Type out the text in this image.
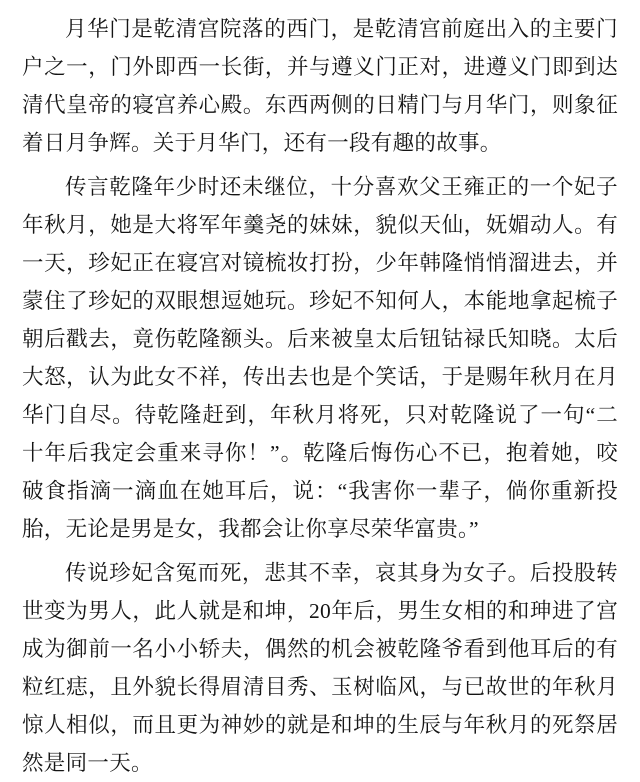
月华门是乾清宫院落的西门，是乾清宫前庭出入的主要门户之一，门外即西一长街，并与遵义门正对，进遵义门即到达清代皇帝的寝宫养心殿。东西两侧的日精门与月华门，则象征着日月争辉。关于月华门，还有一段有趣的故事。

传言乾隆年少时还未继位，十分喜欢父王雍正的一个妃子年秋月，她是大将军年羹尧的妹妹，貌似天仙，妩媚动人。有一天，珍妃正在寝宫对镜梳妆打扮，少年韩隆悄悄溜进去，并蒙住了珍妃的双眼想逗她玩。珍妃不知何人，本能地拿起梳子朝后戳去，竟伤乾隆额头。后来被皇太后钮钴禄氏知晓。太后大怒，认为此女不祥，传出去也是个笑话，于是赐年秋月在月华门自尽。待乾隆赶到，年秋月将死，只对乾隆说了一句“二十年后我定会重来寻你！”。乾隆后悔伤心不已，抱着她，咬破食指滴一滴血在她耳后，说：“我害你一辈子，倘你重新投胎，无论是男是女，我都会让你享尽荣华富贵。”

传说珍妃含冤而死，悲其不幸，哀其身为女子。后投股转世变为男人，此人就是和坤，20年后，男生女相的和珅进了宫成为御前一名小小轿夫，偶然的机会被乾隆爷看到他耳后的有粒红痣，且外貌长得眉清目秀、玉树临风，与已故世的年秋月惊人相似，而且更为神妙的就是和坤的生辰与年秋月的死祭居然是同一天。
